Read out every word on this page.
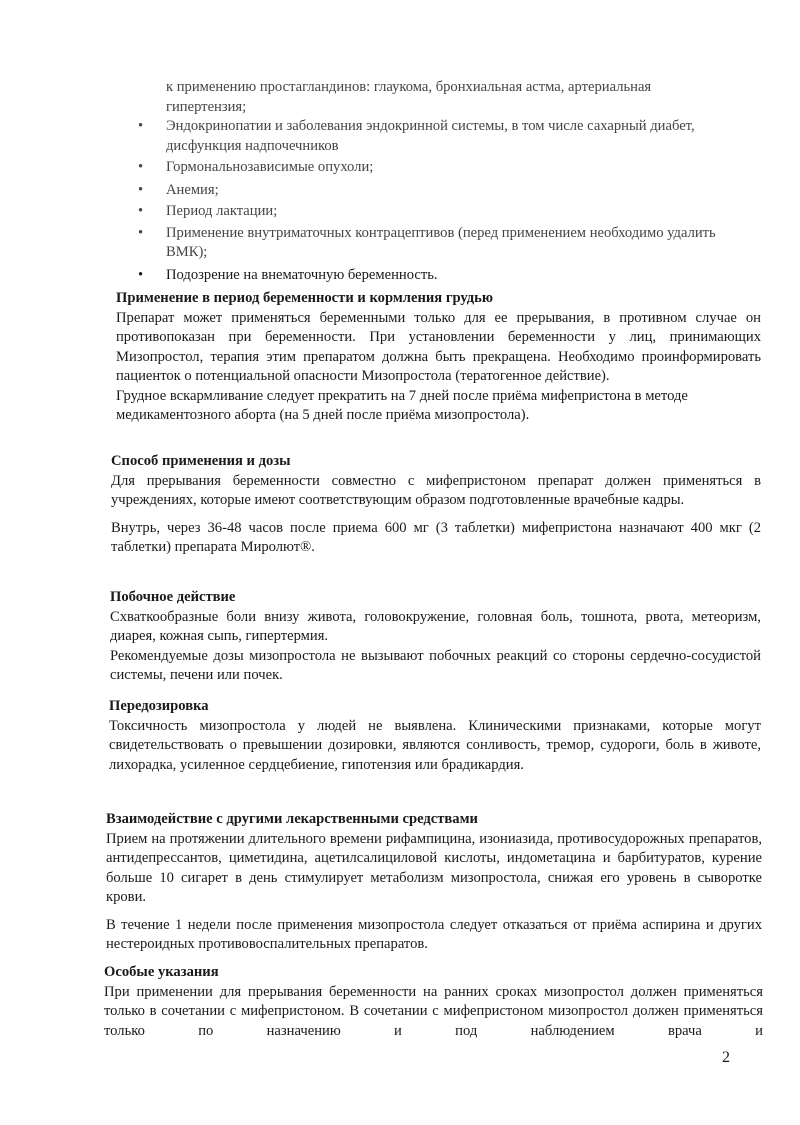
к применению простагландинов: глаукома, бронхиальная астма, артериальная

гипертензия;

• Эндокринопатии и заболевания эндокринной системы, в том числе сахарный диабет, дисфункция надпочечников
• Гормональнозависимые опухоли;
• Анемия;
• Период лактации;
• Применение внутриматочных контрацептивов (перед применением необходимо удалить ВМК);
• Подозрение на внематочную беременность.

Применение в период беременности и кормления грудью

Препарат может применяться беременными только для ее прерывания, в противном случае он противопоказан при беременности. При установлении беременности у лиц, принимающих Мизопростол, терапия этим препаратом должна быть прекращена. Необходимо проинформировать пациенток о потенциальной опасности Мизопростола (тератогенное действие).

Грудное вскармливание следует прекратить на 7 дней после приёма мифепристона в методе медикаментозного аборта (на 5 дней после приёма мизопростола).

Способ применения и дозы

Для прерывания беременности совместно с мифепристоном препарат должен применяться в учреждениях, которые имеют соответствующим образом подготовленные врачебные кадры.

Внутрь, через 36-48 часов после приема 600 мг (3 таблетки) мифепристона назначают 400 мкг (2 таблетки) препарата Миролют®.

Побочное действие

Схваткообразные боли внизу живота, головокружение, головная боль, тошнота, рвота, метеоризм, диарея, кожная сыпь, гипертермия.

Рекомендуемые дозы мизопростола не вызывают побочных реакций со стороны сердечно-сосудистой системы, печени или почек.

Передозировка

Токсичность мизопростола у людей не выявлена. Клиническими признаками, которые могут свидетельствовать о превышении дозировки, являются сонливость, тремор, судороги, боль в животе, лихорадка, усиленное сердцебиение, гипотензия или брадикардия.

Взаимодействие с другими лекарственными средствами

Прием на протяжении длительного времени рифампицина, изониазида, противосудорожных препаратов, антидепрессантов, циметидина, ацетилсалициловой кислоты, индометацина и барбитуратов, курение больше 10 сигарет в день стимулирует метаболизм мизопростола, снижая его уровень в сыворотке крови.

В течение 1 недели после применения мизопростола следует отказаться от приёма аспирина и других нестероидных противовоспалительных препаратов.

Особые указания

При применении для прерывания беременности на ранних сроках мизопростол должен применяться только в сочетании с мифепристоном. В сочетании с мифепристоном мизопростол должен применяться только по назначению и под наблюдением врача и

2
